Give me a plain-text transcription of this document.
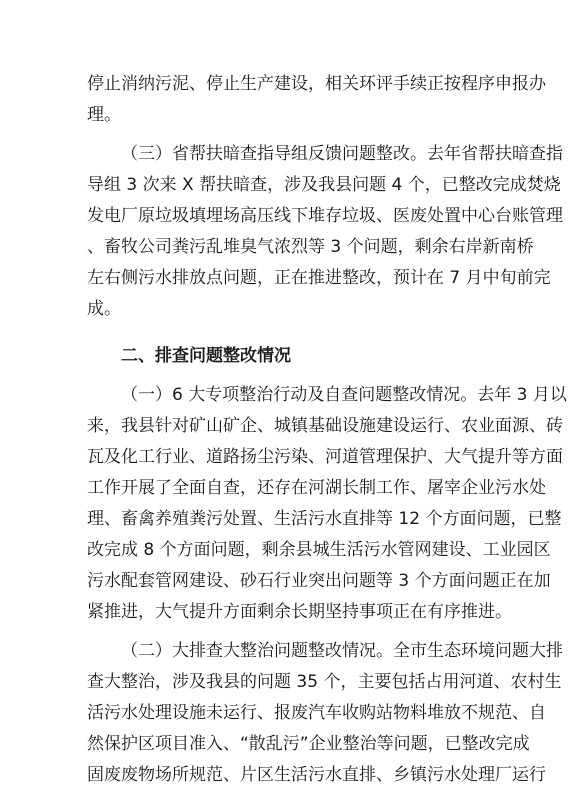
停止消纳污泥、停止生产建设，相关环评手续正按程序申报办

理。

（三）省帮扶暗查指导组反馈问题整改。去年省帮扶暗查指

导组 3 次来 X 帮扶暗查，涉及我县问题 4 个，已整改完成焚烧

发电厂原垃圾填埋场高压线下堆存垃圾、医废处置中心台账管理

、畜牧公司粪污乱堆臭气浓烈等 3 个问题，剩余右岸新南桥

左右侧污水排放点问题，正在推进整改，预计在 7 月中旬前完

成。

二、排查问题整改情况

（一）6 大专项整治行动及自查问题整改情况。去年 3 月以

来，我县针对矿山矿企、城镇基础设施建设运行、农业面源、砖

瓦及化工行业、道路扬尘污染、河道管理保护、大气提升等方面

工作开展了全面自查，还存在河湖长制工作、屠宰企业污水处

理、畜禽养殖粪污处置、生活污水直排等 12 个方面问题，已整

改完成 8 个方面问题，剩余县城生活污水管网建设、工业园区

污水配套管网建设、砂石行业突出问题等 3 个方面问题正在加

紧推进，大气提升方面剩余长期坚持事项正在有序推进。

（二）大排查大整治问题整改情况。全市生态环境问题大排

查大整治，涉及我县的问题 35 个，主要包括占用河道、农村生

活污水处理设施未运行、报废汽车收购站物料堆放不规范、自

然保护区项目准入、“散乱污”企业整治等问题，已整改完成

固废废物场所规范、片区生活污水直排、乡镇污水处理厂运行
